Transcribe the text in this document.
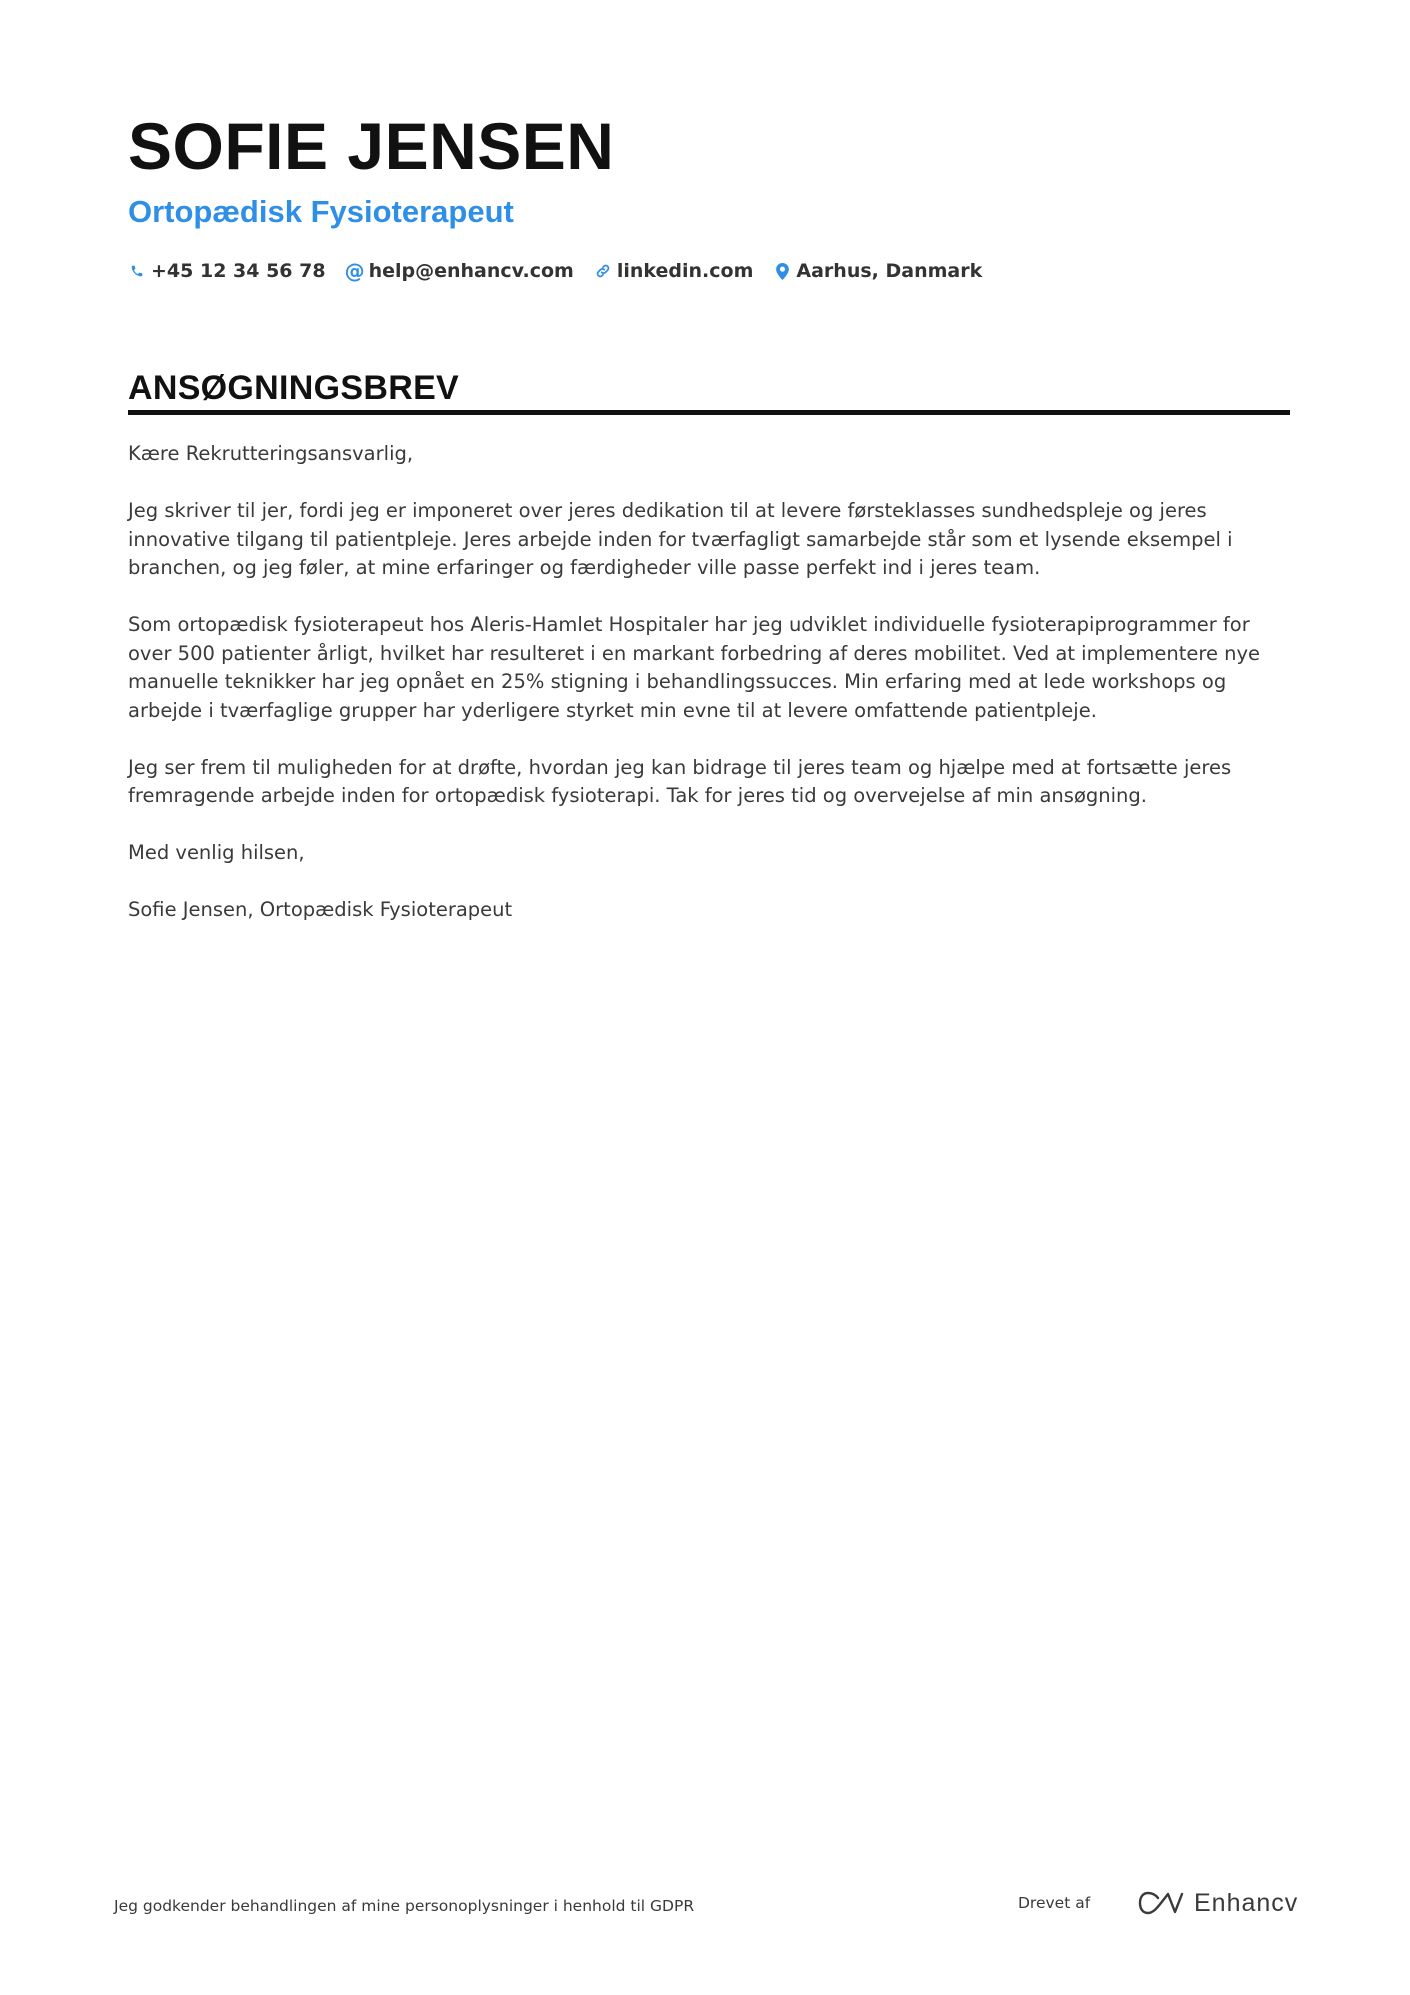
SOFIE JENSEN
Ortopædisk Fysioterapeut
+45 12 34 56 78 @ help@enhancv.com linkedin.com Aarhus, Danmark
ANSØGNINGSBREV

Kære Rekrutteringsansvarlig,

Jeg skriver til jer, fordi jeg er imponeret over jeres dedikation til at levere førsteklasses sundhedspleje og jeres innovative tilgang til patientpleje. Jeres arbejde inden for tværfagligt samarbejde står som et lysende eksempel i branchen, og jeg føler, at mine erfaringer og færdigheder ville passe perfekt ind i jeres team.

Som ortopædisk fysioterapeut hos Aleris-Hamlet Hospitaler har jeg udviklet individuelle fysioterapiprogrammer for over 500 patienter årligt, hvilket har resulteret i en markant forbedring af deres mobilitet. Ved at implementere nye manuelle teknikker har jeg opnået en 25% stigning i behandlingssucces. Min erfaring med at lede workshops og arbejde i tværfaglige grupper har yderligere styrket min evne til at levere omfattende patientpleje.

Jeg ser frem til muligheden for at drøfte, hvordan jeg kan bidrage til jeres team og hjælpe med at fortsætte jeres fremragende arbejde inden for ortopædisk fysioterapi. Tak for jeres tid og overvejelse af min ansøgning.

Med venlig hilsen,

Sofie Jensen, Ortopædisk Fysioterapeut

Jeg godkender behandlingen af mine personoplysninger i henhold til GDPR	Drevet af	Enhancv
